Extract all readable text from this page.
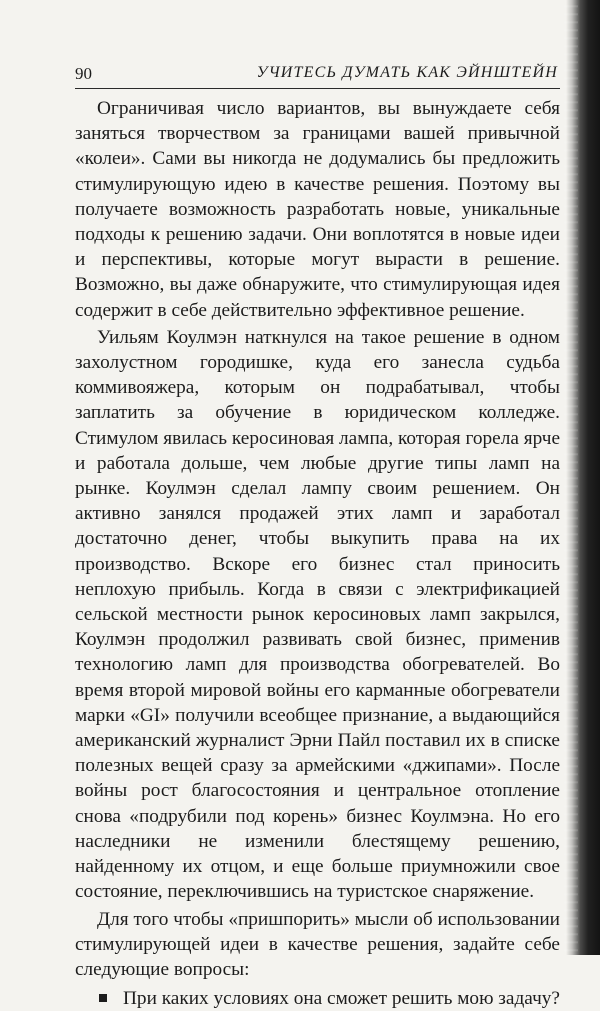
90	УЧИТЕСЬ ДУМАТЬ КАК ЭЙНШТЕЙН

Ограничивая число вариантов, вы вынуждаете себя заняться творчеством за границами вашей привычной «колеи». Сами вы никогда не додумались бы предложить стимулирующую идею в качестве решения. Поэтому вы получаете возможность разработать новые, уникальные подходы к решению задачи. Они воплотятся в новые идеи и перспективы, которые могут вырасти в решение. Возможно, вы даже обнаружите, что стимулирующая идея содержит в себе действительно эффективное решение.

Уильям Коулмэн наткнулся на такое решение в одном захолустном городишке, куда его занесла судьба коммивояжера, которым он подрабатывал, чтобы заплатить за обучение в юридическом колледже. Стимулом явилась керосиновая лампа, которая горела ярче и работала дольше, чем любые другие типы ламп на рынке. Коулмэн сделал лампу своим решением. Он активно занялся продажей этих ламп и заработал достаточно денег, чтобы выкупить права на их производство. Вскоре его бизнес стал приносить неплохую прибыль. Когда в связи с электрификацией сельской местности рынок керосиновых ламп закрылся, Коулмэн продолжил развивать свой бизнес, применив технологию ламп для производства обогревателей. Во время второй мировой войны его карманные обогреватели марки «GI» получили всеобщее признание, а выдающийся американский журналист Эрни Пайл поставил их в списке полезных вещей сразу за армейскими «джипами». После войны рост благосостояния и центральное отопление снова «подрубили под корень» бизнес Коулмэна. Но его наследники не изменили блестящему решению, найденному их отцом, и еще больше приумножили свое состояние, переключившись на туристское снаряжение.

Для того чтобы «пришпорить» мысли об использовании стимулирующей идеи в качестве решения, задайте себе следующие вопросы:

При каких условиях она сможет решить мою задачу?
